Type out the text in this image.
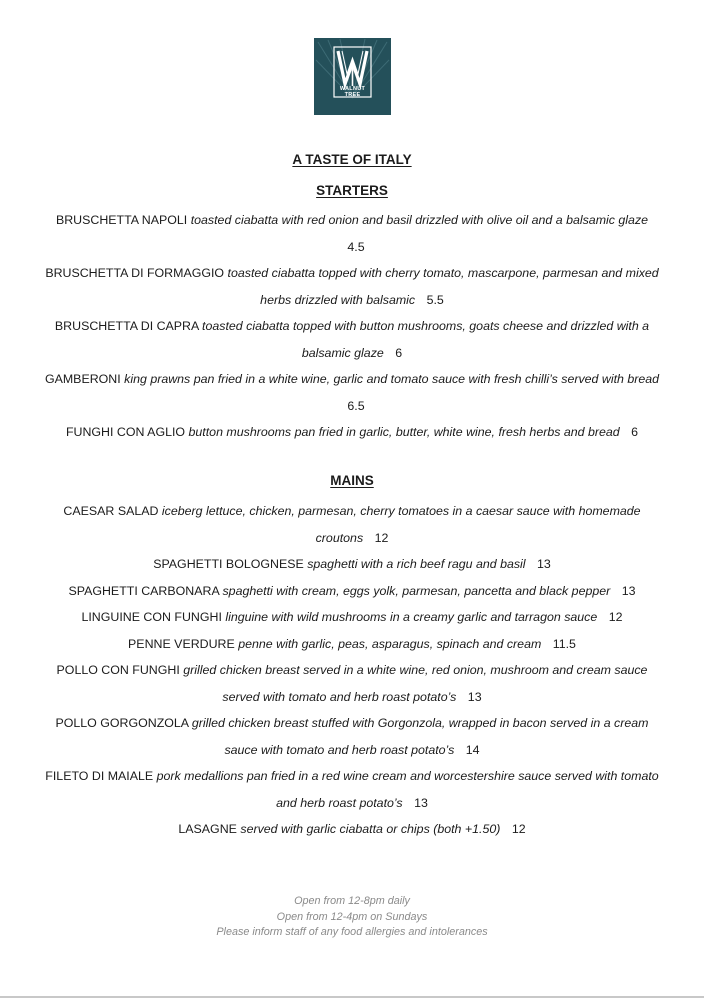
WALNUT
TREE
A TASTE OF ITALY
STARTERS

BRUSCHETTA NAPOLI toasted ciabatta with red onion and basil drizzled with olive oil and a balsamic glaze
4.5

BRUSCHETTA DI FORMAGGIO toasted ciabatta topped with cherry tomato, mascarpone, parmesan and mixed herbs drizzled with balsamic 5.5

BRUSCHETTA DI CAPRA toasted ciabatta topped with button mushrooms, goats cheese and drizzled with a balsamic glaze 6

GAMBERONI king prawns pan fried in a white wine, garlic and tomato sauce with fresh chilli’s served with bread 6.5

FUNGHI CON AGLIO button mushrooms pan fried in garlic, butter, white wine, fresh herbs and bread 6

MAINS

CAESAR SALAD iceberg lettuce, chicken, parmesan, cherry tomatoes in a caesar sauce with homemade croutons 12

SPAGHETTI BOLOGNESE spaghetti with a rich beef ragu and basil 13

SPAGHETTI CARBONARA spaghetti with cream, eggs yolk, parmesan, pancetta and black pepper 13

LINGUINE CON FUNGHI linguine with wild mushrooms in a creamy garlic and tarragon sauce 12

PENNE VERDURE penne with garlic, peas, asparagus, spinach and cream 11.5

POLLO CON FUNGHI grilled chicken breast served in a white wine, red onion, mushroom and cream sauce served with tomato and herb roast potato’s 13

POLLO GORGONZOLA grilled chicken breast stuffed with Gorgonzola, wrapped in bacon served in a cream sauce with tomato and herb roast potato’s 14

FILETO DI MAIALE pork medallions pan fried in a red wine cream and worcestershire sauce served with tomato and herb roast potato’s 13

LASAGNE served with garlic ciabatta or chips (both +1.50) 12

Open from 12-8pm daily
Open from 12-4pm on Sundays
Please inform staff of any food allergies and intolerances
